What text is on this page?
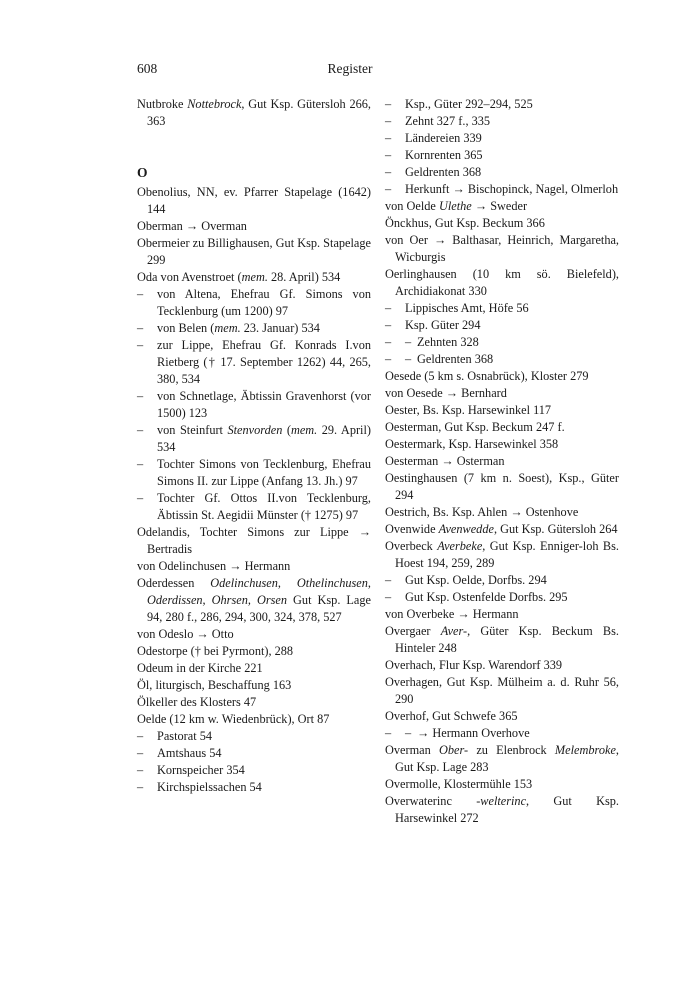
608	Register
Nutbroke Nottebrock, Gut Ksp. Gütersloh 266, 363
O
Obenolius, NN, ev. Pfarrer Stapelage (1642) 144
Oberman → Overman
Obermeier zu Billighausen, Gut Ksp. Stapelage 299
Oda von Avenstroet (mem. 28. April) 534
– von Altena, Ehefrau Gf. Simons von Tecklenburg (um 1200) 97
– von Belen (mem. 23. Januar) 534
– zur Lippe, Ehefrau Gf. Konrads I.von Rietberg († 17. September 1262) 44, 265, 380, 534
– von Schnetlage, Äbtissin Gravenhorst (vor 1500) 123
– von Steinfurt Stenvorden (mem. 29. April) 534
– Tochter Simons von Tecklenburg, Ehefrau Simons II. zur Lippe (Anfang 13. Jh.) 97
– Tochter Gf. Ottos II.von Tecklenburg, Äbtissin St. Aegidii Münster († 1275) 97
Odelandis, Tochter Simons zur Lippe → Bertradis
von Odelinchusen → Hermann
Oderdessen Odelinchusen, Othelinchusen, Oderdissen, Ohrsen, Orsen Gut Ksp. Lage 94, 280 f., 286, 294, 300, 324, 378, 527
von Odeslo → Otto
Odestorpe († bei Pyrmont), 288
Odeum in der Kirche 221
Öl, liturgisch, Beschaffung 163
Ölkeller des Klosters 47
Oelde (12 km w. Wiedenbrück), Ort 87
– Pastorat 54
– Amtshaus 54
– Kornspeicher 354
– Kirchspielssachen 54
– Ksp., Güter 292–294, 525
– Zehnt 327 f., 335
– Ländereien 339
– Kornrenten 365
– Geldrenten 368
– Herkunft → Bischopinck, Nagel, Olmerloh
von Oelde Ulethe → Sweder
Önckhus, Gut Ksp. Beckum 366
von Oer → Balthasar, Heinrich, Margaretha, Wicburgis
Oerlinghausen (10 km sö. Bielefeld), Archidiakonat 330
– Lippisches Amt, Höfe 56
– Ksp. Güter 294
– – Zehnten 328
– – Geldrenten 368
Oesede (5 km s. Osnabrück), Kloster 279
von Oesede → Bernhard
Oester, Bs. Ksp. Harsewinkel 117
Oesterman, Gut Ksp. Beckum 247 f.
Oestermark, Ksp. Harsewinkel 358
Oesterman → Osterman
Oestinghausen (7 km n. Soest), Ksp., Güter 294
Oestrich, Bs. Ksp. Ahlen → Ostenhove
Ovenwide Avenwedde, Gut Ksp. Gütersloh 264
Overbeck Averbeke, Gut Ksp. Enniger-loh Bs. Hoest 194, 259, 289
– Gut Ksp. Oelde, Dorfbs. 294
– Gut Ksp. Ostenfelde Dorfbs. 295
von Overbeke → Hermann
Overgaer Aver-, Güter Ksp. Beckum Bs. Hinteler 248
Overhach, Flur Ksp. Warendorf 339
Overhagen, Gut Ksp. Mülheim a. d. Ruhr 56, 290
Overhof, Gut Schwefe 365
– – → Hermann Overhove
Overman Ober- zu Elenbrock Melembroke, Gut Ksp. Lage 283
Overmolle, Klostermühle 153
Overwaterinc -welterinc, Gut Ksp. Harsewinkel 272
